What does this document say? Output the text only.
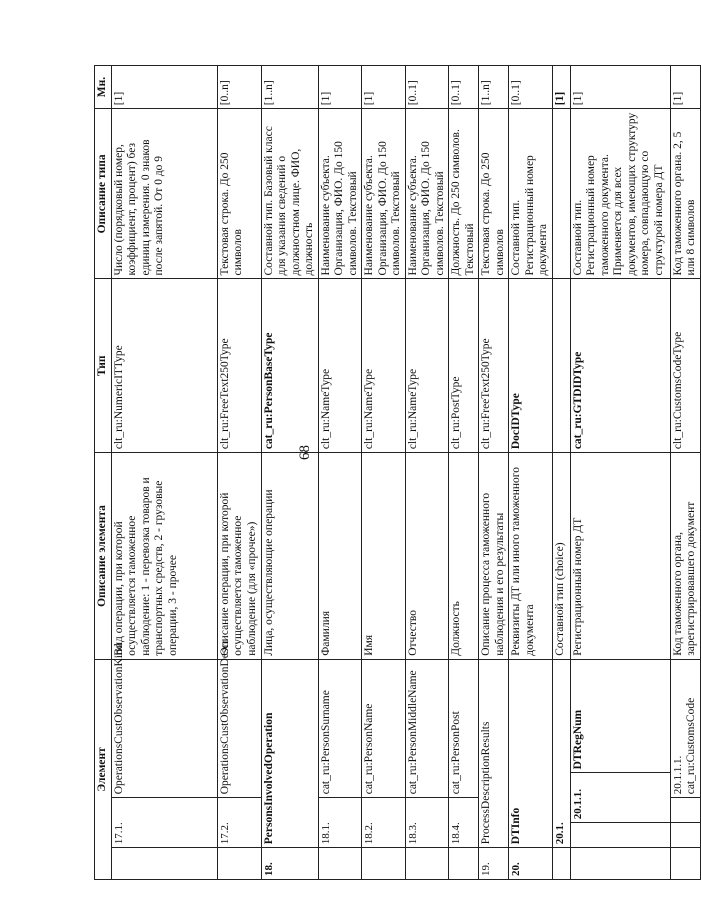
68
Элемент					Описание элемента	Тип	Описание типа	Мн.
	17.1.		OperationsCustObservationKind		Вид операции, при которой осуществляется таможенное наблюдение: 1 - перевозка товаров и транспортных средств, 2 - грузовые операции, 3 - прочее	clt_ru:NumericITType	Число (порядковый номер, коэффициент, процент) без единиц измерения. 0 знаков после запятой. От 0 до 9	[1]
	17.2.		OperationsCustObservationDescr		Описание операции, при которой осуществляется таможенное наблюдение (для «прочее»)	clt_ru:FreeText250Type	Текстовая строка. До 250 символов	[0..n]
18.	PersonsInvolvedOperation				Лица, осуществляющие операции	cat_ru:PersonBaseType	Составной тип. Базовый класс для указания сведений о должностном лице. ФИО, должность	[1..n]
	18.1.		cat_ru:PersonSurname		Фамилия	clt_ru:NameType	Наименование субъекта. Организация, ФИО. До 150 символов. Текстовый	[1]
	18.2.		cat_ru:PersonName		Имя	clt_ru:NameType	Наименование субъекта. Организация, ФИО. До 150 символов. Текстовый	[1]
	18.3.		cat_ru:PersonMiddleName		Отчество	clt_ru:NameType	Наименование субъекта. Организация, ФИО. До 150 символов. Текстовый	[0..1]
	18.4.		cat_ru:PersonPost		Должность	clt_ru:PostType	Должность. До 250 символов. Текстовый	[0..1]
19.	ProcessDescriptionResults				Описание процесса таможенного наблюдения и его результаты	clt_ru:FreeText250Type	Текстовая строка. До 250 символов	[1..n]
20.	DTInfo				Реквизиты ДТ или иного таможенного документа	DocIDType	Составной тип. Регистрационный номер документа	[0..1]
	20.1.				Составной тип (choice)			[1]
		20.1.1.		DTRegNum	Регистрационный номер ДТ	cat_ru:GTDIDType	Составной тип. Регистрационный номер таможенного документа. Применяется для всех документов, имеющих структуру номера, совпадающую со структурой номера ДТ	[1]
			20.1.1.1. cat_ru:CustomsCode		Код таможенного органа, зарегистрировавшего документ	clt_ru:CustomsCodeType	Код таможенного органа. 2, 5 или 8 символов	[1]
